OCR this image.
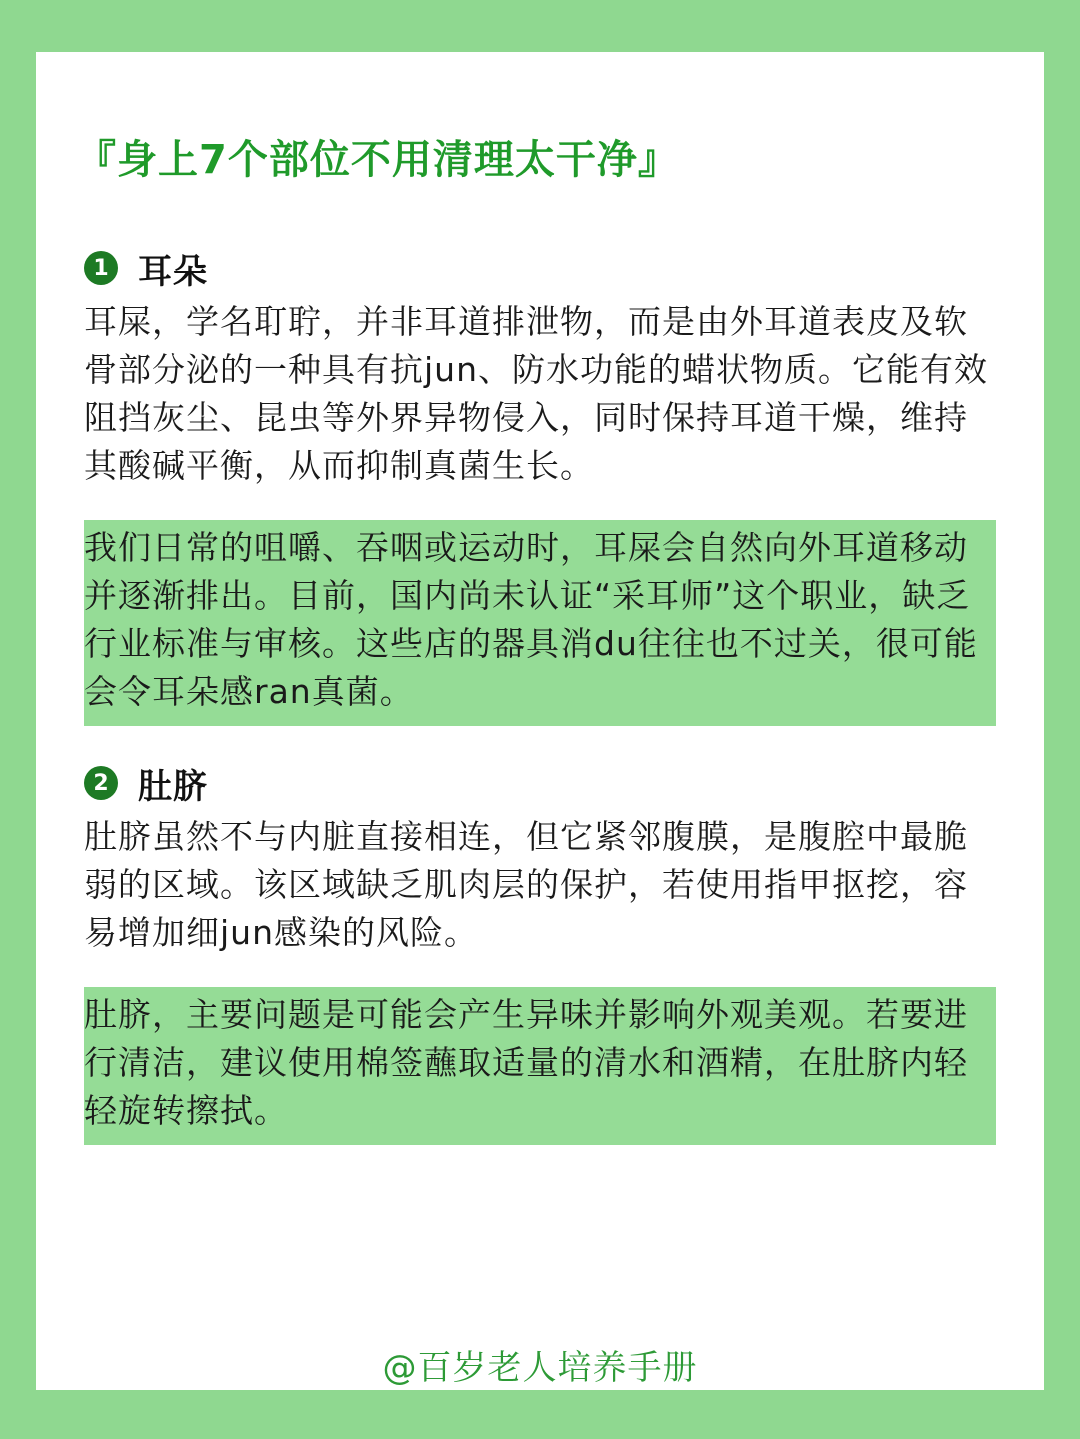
『身上7个部位不用清理太干净』
1 耳朵

耳屎，学名耵聍，并非耳道排泄物，而是由外耳道表皮及软骨部分泌的一种具有抗jun、防水功能的蜡状物质。它能有效阻挡灰尘、昆虫等外界异物侵入，同时保持耳道干燥，维持其酸碱平衡，从而抑制真菌生长。

我们日常的咀嚼、吞咽或运动时，耳屎会自然向外耳道移动并逐渐排出。目前，国内尚未认证“采耳师”这个职业，缺乏行业标准与审核。这些店的器具消du往往也不过关，很可能会令耳朵感ran真菌。

2 肚脐

肚脐虽然不与内脏直接相连，但它紧邻腹膜，是腹腔中最脆弱的区域。该区域缺乏肌肉层的保护，若使用指甲抠挖，容易增加细jun感染的风险。

肚脐，主要问题是可能会产生异味并影响外观美观。若要进行清洁，建议使用棉签蘸取适量的清水和酒精，在肚脐内轻轻旋转擦拭。

@百岁老人培养手册
